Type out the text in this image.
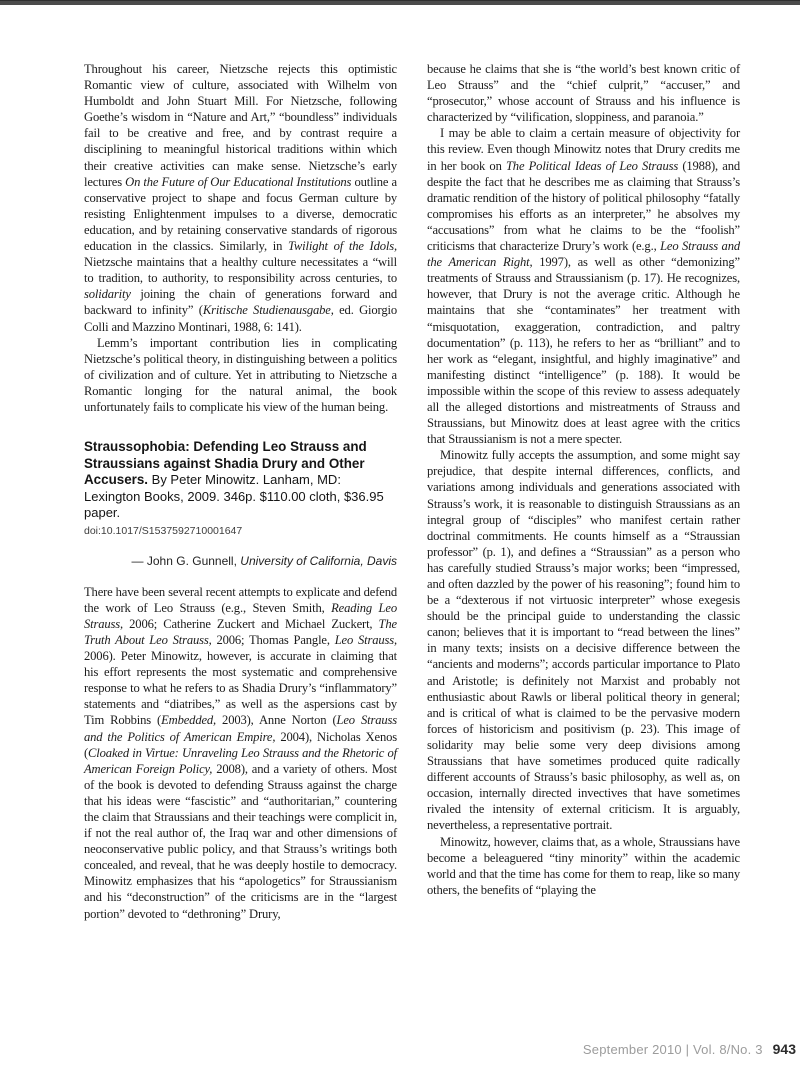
Throughout his career, Nietzsche rejects this optimistic Romantic view of culture, associated with Wilhelm von Humboldt and John Stuart Mill. For Nietzsche, following Goethe’s wisdom in “Nature and Art,” “boundless” individuals fail to be creative and free, and by contrast require a disciplining to meaningful historical traditions within which their creative activities can make sense. Nietzsche’s early lectures On the Future of Our Educational Institutions outline a conservative project to shape and focus German culture by resisting Enlightenment impulses to a diverse, democratic education, and by retaining conservative standards of rigorous education in the classics. Similarly, in Twilight of the Idols, Nietzsche maintains that a healthy culture necessitates a “will to tradition, to authority, to responsibility across centuries, to solidarity joining the chain of generations forward and backward to infinity” (Kritische Studienausgabe, ed. Giorgio Colli and Mazzino Montinari, 1988, 6: 141).

Lemm’s important contribution lies in complicating Nietzsche’s political theory, in distinguishing between a politics of civilization and of culture. Yet in attributing to Nietzsche a Romantic longing for the natural animal, the book unfortunately fails to complicate his view of the human being.

Straussophobia: Defending Leo Strauss and Straussians against Shadia Drury and Other Accusers. By Peter Minowitz. Lanham, MD: Lexington Books, 2009. 346p. $110.00 cloth, $36.95 paper.

doi:10.1017/S1537592710001647

— John G. Gunnell, University of California, Davis

There have been several recent attempts to explicate and defend the work of Leo Strauss (e.g., Steven Smith, Reading Leo Strauss, 2006; Catherine Zuckert and Michael Zuckert, The Truth About Leo Strauss, 2006; Thomas Pangle, Leo Strauss, 2006). Peter Minowitz, however, is accurate in claiming that his effort represents the most systematic and comprehensive response to what he refers to as Shadia Drury’s “inflammatory” statements and “diatribes,” as well as the aspersions cast by Tim Robbins (Embedded, 2003), Anne Norton (Leo Strauss and the Politics of American Empire, 2004), Nicholas Xenos (Cloaked in Virtue: Unraveling Leo Strauss and the Rhetoric of American Foreign Policy, 2008), and a variety of others. Most of the book is devoted to defending Strauss against the charge that his ideas were “fascistic” and “authoritarian,” countering the claim that Straussians and their teachings were complicit in, if not the real author of, the Iraq war and other dimensions of neoconservative public policy, and that Strauss’s writings both concealed, and reveal, that he was deeply hostile to democracy. Minowitz emphasizes that his “apologetics” for Straussianism and his “deconstruction” of the criticisms are in the “largest portion” devoted to “dethroning” Drury,

because he claims that she is “the world’s best known critic of Leo Strauss” and the “chief culprit,” “accuser,” and “prosecutor,” whose account of Strauss and his influence is characterized by “vilification, sloppiness, and paranoia.”

I may be able to claim a certain measure of objectivity for this review. Even though Minowitz notes that Drury credits me in her book on The Political Ideas of Leo Strauss (1988), and despite the fact that he describes me as claiming that Strauss’s dramatic rendition of the history of political philosophy “fatally compromises his efforts as an interpreter,” he absolves my “accusations” from what he claims to be the “foolish” criticisms that characterize Drury’s work (e.g., Leo Strauss and the American Right, 1997), as well as other “demonizing” treatments of Strauss and Straussianism (p. 17). He recognizes, however, that Drury is not the average critic. Although he maintains that she “contaminates” her treatment with “misquotation, exaggeration, contradiction, and paltry documentation” (p. 113), he refers to her as “brilliant” and to her work as “elegant, insightful, and highly imaginative” and manifesting distinct “intelligence” (p. 188). It would be impossible within the scope of this review to assess adequately all the alleged distortions and mistreatments of Strauss and Straussians, but Minowitz does at least agree with the critics that Straussianism is not a mere specter.

Minowitz fully accepts the assumption, and some might say prejudice, that despite internal differences, conflicts, and variations among individuals and generations associated with Strauss’s work, it is reasonable to distinguish Straussians as an integral group of “disciples” who manifest certain rather doctrinal commitments. He counts himself as a “Straussian professor” (p. 1), and defines a “Straussian” as a person who has carefully studied Strauss’s major works; been “impressed, and often dazzled by the power of his reasoning”; found him to be a “dexterous if not virtuosic interpreter” whose exegesis should be the principal guide to understanding the classic canon; believes that it is important to “read between the lines” in many texts; insists on a decisive difference between the “ancients and moderns”; accords particular importance to Plato and Aristotle; is definitely not Marxist and probably not enthusiastic about Rawls or liberal political theory in general; and is critical of what is claimed to be the pervasive modern forces of historicism and positivism (p. 23). This image of solidarity may belie some very deep divisions among Straussians that have sometimes produced quite radically different accounts of Strauss’s basic philosophy, as well as, on occasion, internally directed invectives that have sometimes rivaled the intensity of external criticism. It is arguably, nevertheless, a representative portrait.

Minowitz, however, claims that, as a whole, Straussians have become a beleaguered “tiny minority” within the academic world and that the time has come for them to reap, like so many others, the benefits of “playing the

September 2010 | Vol. 8/No. 3 943
